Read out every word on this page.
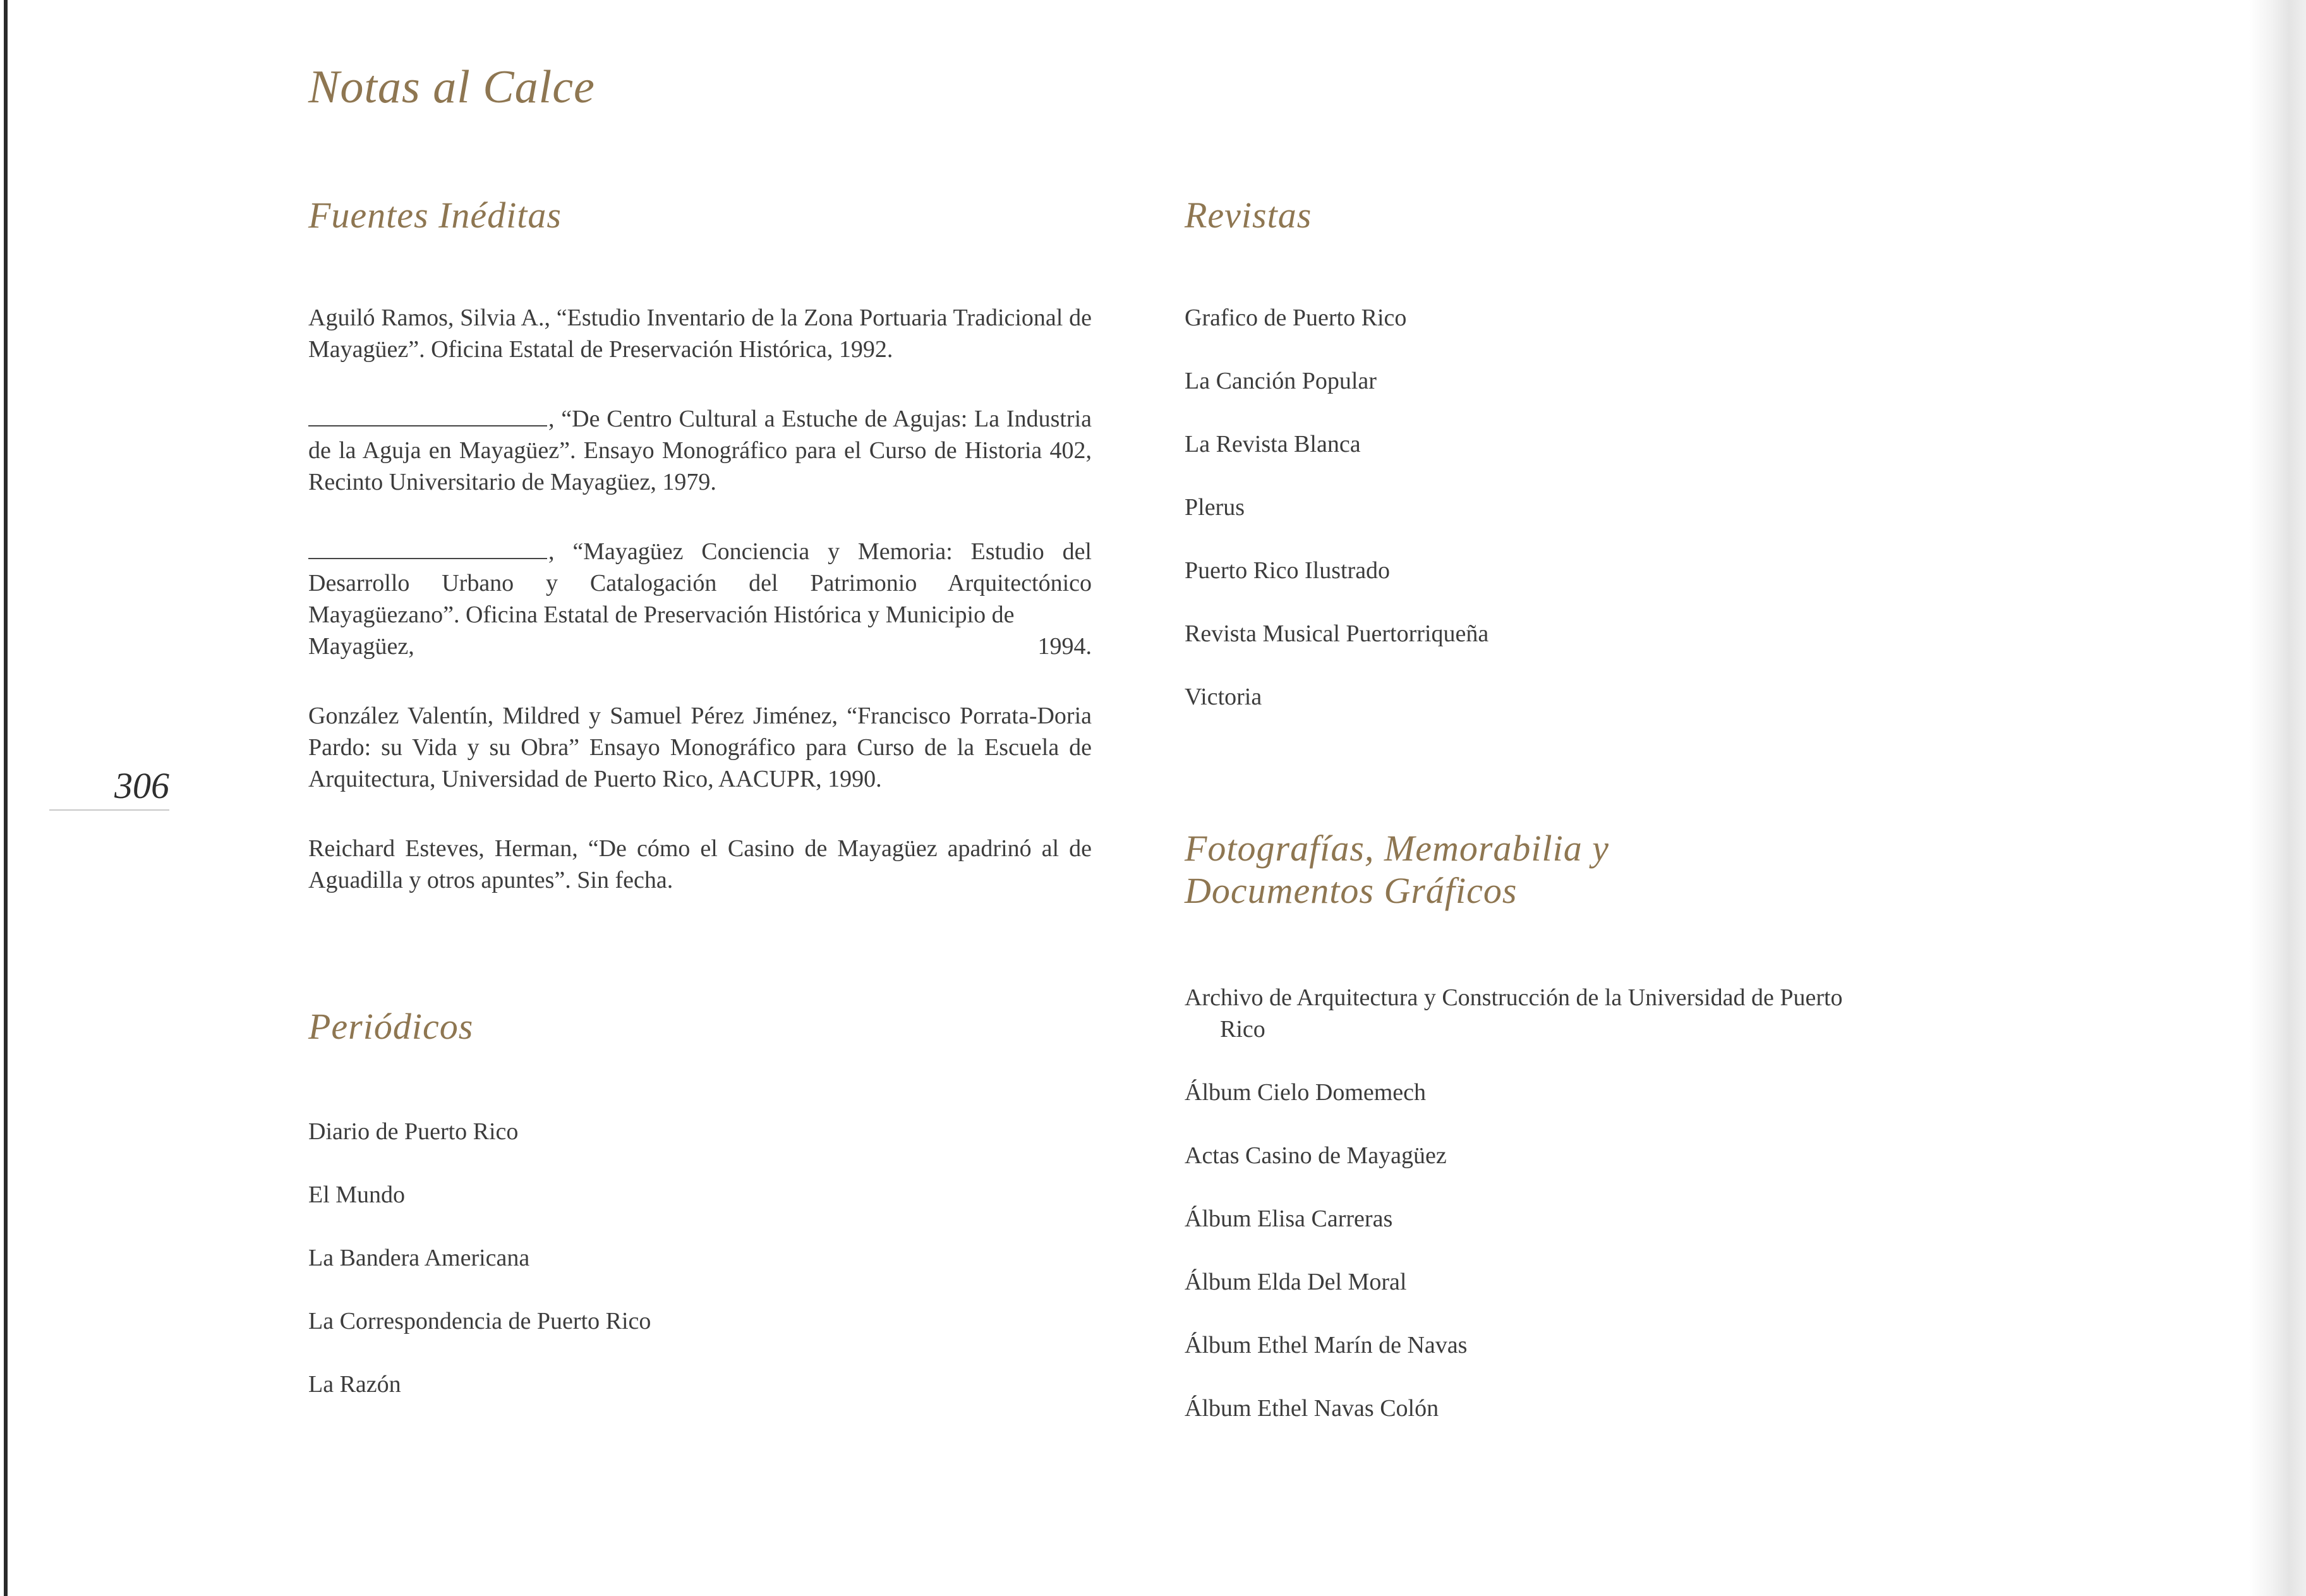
Notas al Calce
Fuentes Inéditas

Aguiló Ramos, Silvia A., “Estudio Inventario de la Zona Portuaria Tradicional de Mayagüez”. Oficina Estatal de Preservación Histórica, 1992.

, “De Centro Cultural a Estuche de Agujas: La Industria de la Aguja en Mayagüez”. Ensayo Monográfico para el Curso de Historia 402, Recinto Universitario de Mayagüez, 1979.

, “Mayagüez Conciencia y Memoria: Estudio del Desarrollo Urbano y Catalogación del Patrimonio Arquitectónico Mayagüezano”. Oficina Estatal de Preservación Histórica y Municipio de
Mayagüez,	1994.

González Valentín, Mildred y Samuel Pérez Jiménez, “Francisco Porrata-Doria Pardo: su Vida y su Obra” Ensayo Monográfico para Curso de la Escuela de Arquitectura, Universidad de Puerto Rico, AACUPR, 1990.

Reichard Esteves, Herman, “De cómo el Casino de Mayagüez apadrinó al de Aguadilla y otros apuntes”. Sin fecha.

Periódicos
Diario de Puerto Rico
El Mundo
La Bandera Americana
La Correspondencia de Puerto Rico
La Razón
Revistas
Grafico de Puerto Rico
La Canción Popular
La Revista Blanca
Plerus
Puerto Rico Ilustrado
Revista Musical Puertorriqueña
Victoria
Fotografías, Memorabilia y
Documentos Gráficos
Archivo de Arquitectura y Construcción de la Universidad de Puerto Rico
Álbum Cielo Domemech
Actas Casino de Mayagüez
Álbum Elisa Carreras
Álbum Elda Del Moral
Álbum Ethel Marín de Navas
Álbum Ethel Navas Colón
306
